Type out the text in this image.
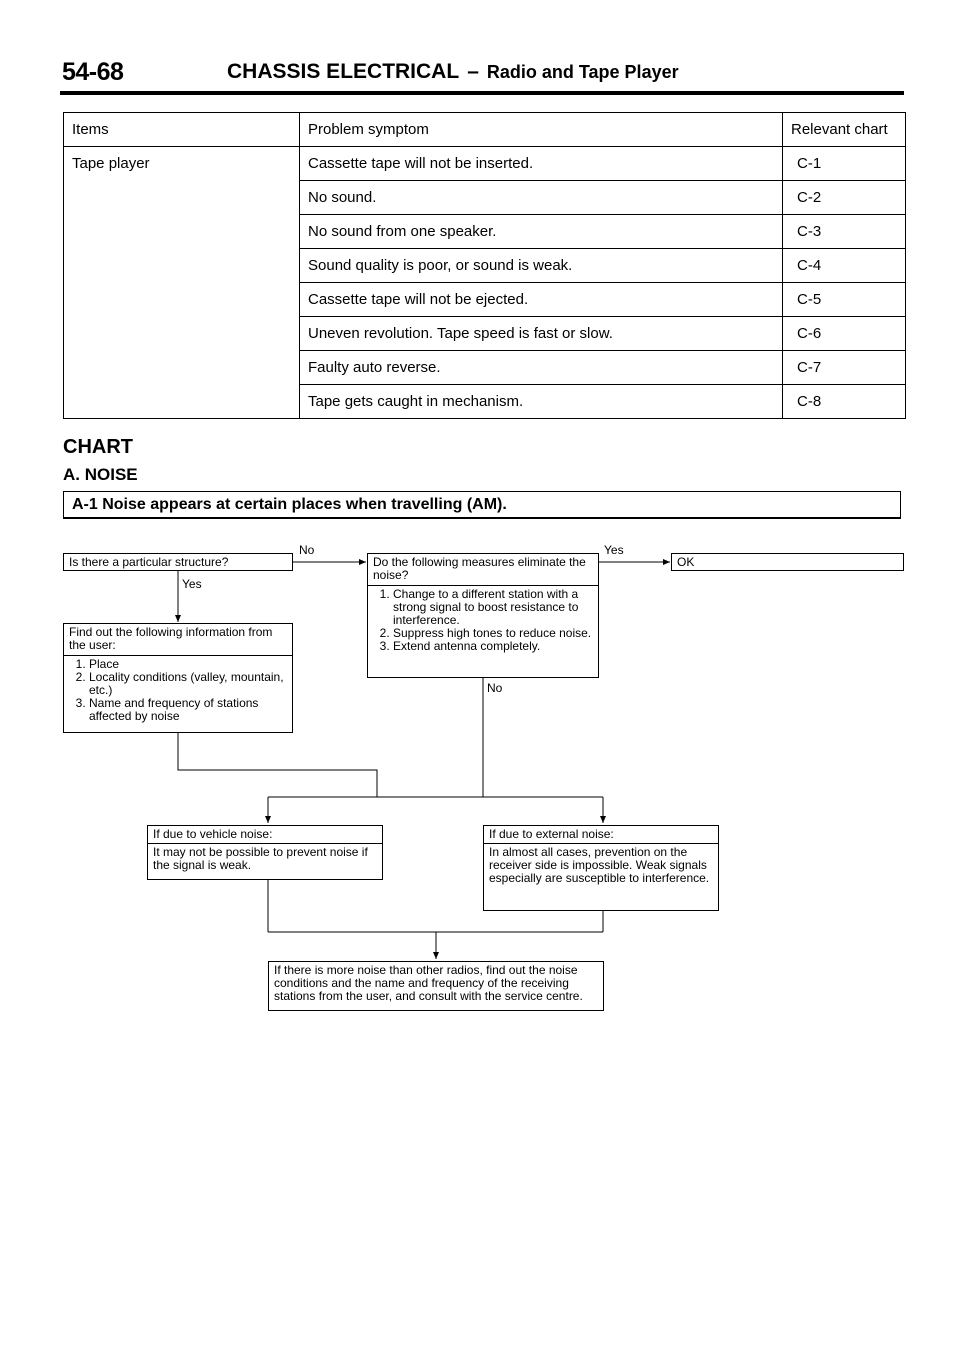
54-68	CHASSIS ELECTRICAL – Radio and Tape Player
Items	Problem symptom	Relevant chart
Tape player	Cassette tape will not be inserted.	C-1
	No sound.	C-2
	No sound from one speaker.	C-3
	Sound quality is poor, or sound is weak.	C-4
	Cassette tape will not be ejected.	C-5
	Uneven revolution. Tape speed is fast or slow.	C-6
	Faulty auto reverse.	C-7
	Tape gets caught in mechanism.	C-8
CHART
A. NOISE
A-1 Noise appears at certain places when travelling (AM).
Is there a particular structure?
No
Yes
Do the following measures eliminate the noise?
1. Change to a different station with a strong signal to boost resistance to interference.
2. Suppress high tones to reduce noise.
3. Extend antenna completely.
Yes
No
OK
Find out the following information from the user:
1. Place
2. Locality conditions (valley, mountain, etc.)
3. Name and frequency of stations affected by noise
If due to vehicle noise:
It may not be possible to prevent noise if the signal is weak.
If due to external noise:
In almost all cases, prevention on the receiver side is impossible. Weak signals especially are susceptible to interference.
If there is more noise than other radios, find out the noise conditions and the name and frequency of the receiving stations from the user, and consult with the service centre.
